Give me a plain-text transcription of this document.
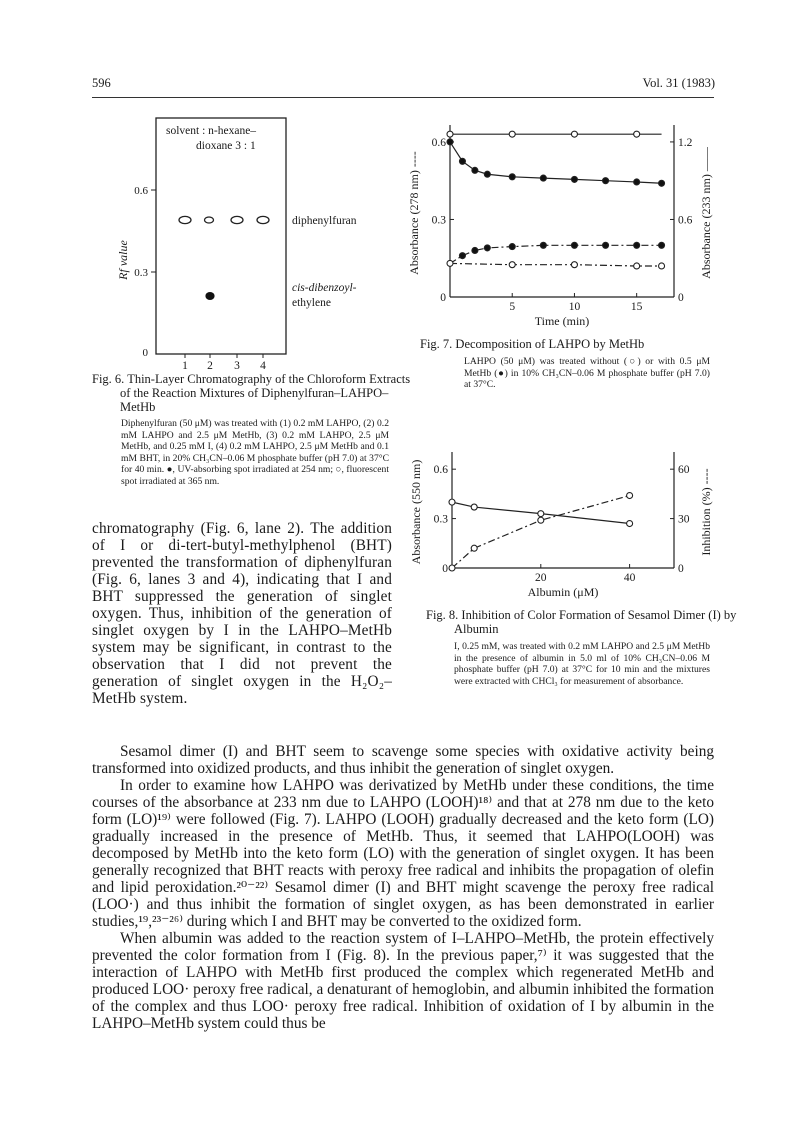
596	Vol. 31 (1983)
solvent : n-hexane–
dioxane 3 : 1
0.6
0.3
0
Rf value
diphenylfuran
cis-dibenzoyl-
ethylene
1 2 3 4
Fig. 6. Thin-Layer Chromatography of the Chloroform Extracts of the Reaction Mixtures of Diphenylfuran–LAHPO–MetHb
Diphenylfuran (50 μM) was treated with (1) 0.2 mM LAHPO, (2) 0.2 mM LAHPO and 2.5 μM MetHb, (3) 0.2 mM LAHPO, 2.5 μM MetHb, and 0.25 mM I, (4) 0.2 mM LAHPO, 2.5 μM MetHb and 0.1 mM BHT, in 20% CH₃CN–0.06 M phosphate buffer (pH 7.0) at 37°C for 40 min. ●, UV-absorbing spot irradiated at 254 nm; ○, fluorescent spot irradiated at 365 nm.
5	10	15
0
0.3
0.6
0
0.6
1.2
Time (min)
Absorbance (278 nm) ----	Absorbance (233 nm) ——
Fig. 7. Decomposition of LAHPO by MetHb
LAHPO (50 μM) was treated without (○) or with 0.5 μM MetHb (●) in 10% CH₃CN–0.06 M phosphate buffer (pH 7.0) at 37°C.
20	40
0
0.3
0.6
0
30
60
Albumin (μM)
Absorbance (550 nm)	Inhibition (%) ----
Fig. 8. Inhibition of Color Formation of Sesamol Dimer (I) by Albumin
I, 0.25 mM, was treated with 0.2 mM LAHPO and 2.5 μM MetHb in the presence of albumin in 5.0 ml of 10% CH₃CN–0.06 M phosphate buffer (pH 7.0) at 37°C for 10 min and the mixtures were extracted with CHCl₃ for measurement of absorbance.
chromatography (Fig. 6, lane 2). The addition of I or di-tert-butyl-methylphenol (BHT) prevented the transformation of diphenylfuran (Fig. 6, lanes 3 and 4), indicating that I and BHT suppressed the generation of singlet oxygen. Thus, inhibition of the generation of singlet oxygen by I in the LAHPO–MetHb system may be significant, in contrast to the observation that I did not prevent the generation of singlet oxygen in the H₂O₂–MetHb system.

Sesamol dimer (I) and BHT seem to scavenge some species with oxidative activity being transformed into oxidized products, and thus inhibit the generation of singlet oxygen.

In order to examine how LAHPO was derivatized by MetHb under these conditions, the time courses of the absorbance at 233 nm due to LAHPO (LOOH)¹⁸⁾ and that at 278 nm due to the keto form (LO)¹⁹⁾ were followed (Fig. 7). LAHPO (LOOH) gradually decreased and the keto form (LO) gradually increased in the presence of MetHb. Thus, it seemed that LAHPO(LOOH) was decomposed by MetHb into the keto form (LO) with the generation of singlet oxygen. It has been generally recognized that BHT reacts with peroxy free radical and inhibits the propagation of olefin and lipid peroxidation.²⁰⁻²²⁾ Sesamol dimer (I) and BHT might scavenge the peroxy free radical (LOO·) and thus inhibit the formation of singlet oxygen, as has been demonstrated in earlier studies,¹⁹,²³⁻²⁶⁾ during which I and BHT may be converted to the oxidized form.

When albumin was added to the reaction system of I–LAHPO–MetHb, the protein effectively prevented the color formation from I (Fig. 8). In the previous paper,⁷⁾ it was suggested that the interaction of LAHPO with MetHb first produced the complex which regenerated MetHb and produced LOO· peroxy free radical, a denaturant of hemoglobin, and albumin inhibited the formation of the complex and thus LOO· peroxy free radical. Inhibition of oxidation of I by albumin in the LAHPO–MetHb system could thus be
